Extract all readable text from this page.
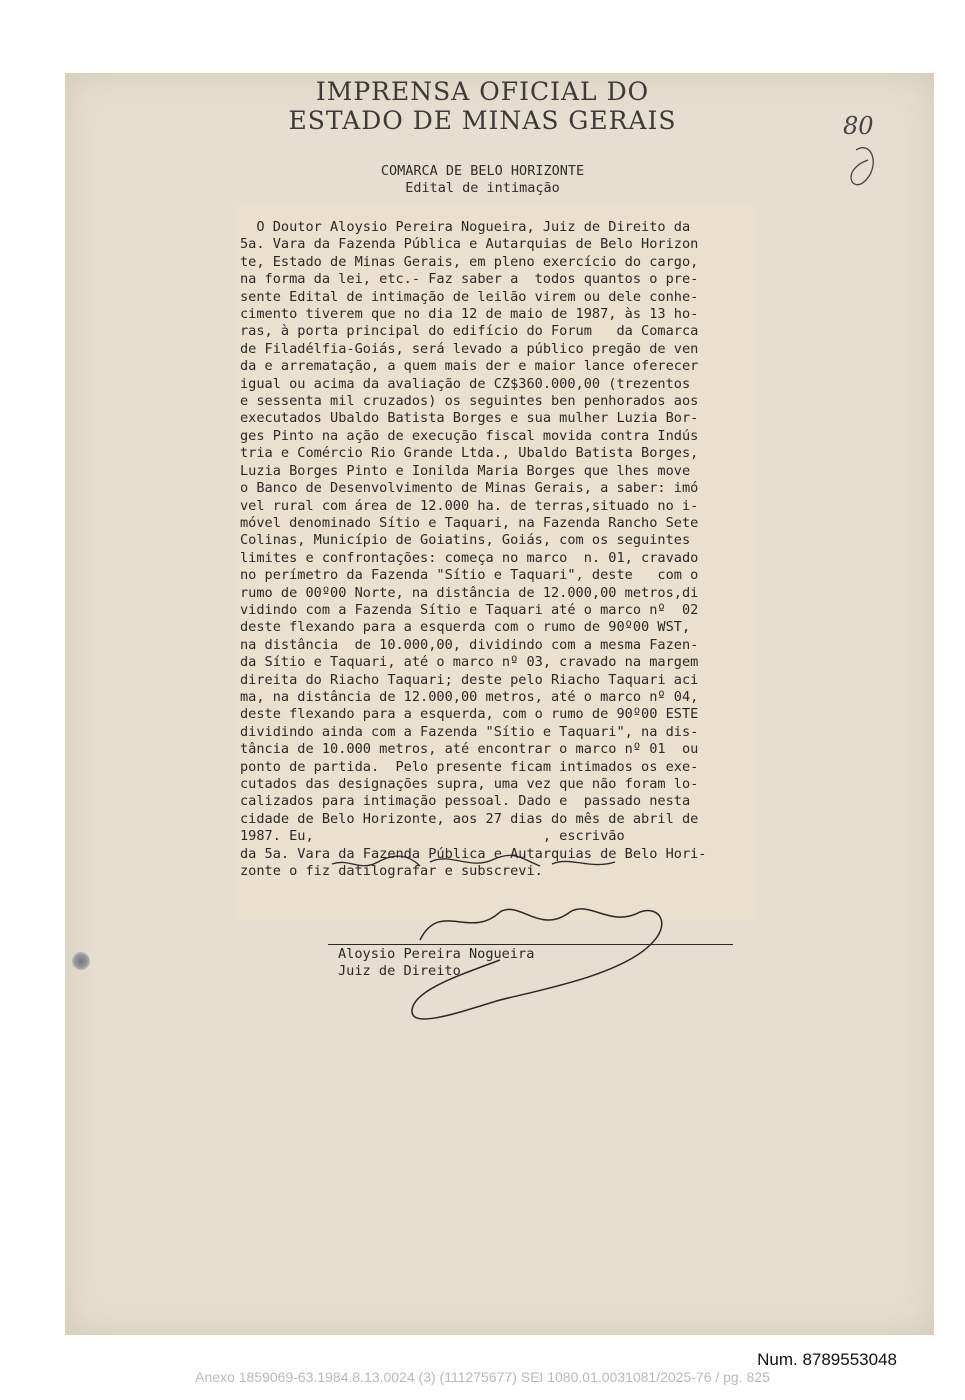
IMPRENSA OFICIAL DO
ESTADO DE MINAS GERAIS	80
COMARCA DE BELO HORIZONTE
Edital de intimação
O Doutor Aloysio Pereira Nogueira, Juiz de Direito da
5a. Vara da Fazenda Pública e Autarquias de Belo Horizon
te, Estado de Minas Gerais, em pleno exercício do cargo,
na forma da lei, etc.- Faz saber a  todos quantos o pre-
sente Edital de intimação de leilão virem ou dele conhe-
cimento tiverem que no dia 12 de maio de 1987, às 13 ho-
ras, à porta principal do edifício do Forum   da Comarca
de Filadélfia-Goiás, será levado a público pregão de ven
da e arrematação, a quem mais der e maior lance oferecer
igual ou acima da avaliação de CZ$360.000,00 (trezentos
e sessenta mil cruzados) os seguintes ben penhorados aos
executados Ubaldo Batista Borges e sua mulher Luzia Bor-
ges Pinto na ação de execução fiscal movida contra Indús
tria e Comércio Rio Grande Ltda., Ubaldo Batista Borges,
Luzia Borges Pinto e Ionilda Maria Borges que lhes move
o Banco de Desenvolvimento de Minas Gerais, a saber: imó
vel rural com área de 12.000 ha. de terras,situado no i-
móvel denominado Sítio e Taquari, na Fazenda Rancho Sete
Colinas, Município de Goiatins, Goiás, com os seguintes
limites e confrontações: começa no marco  n. 01, cravado
no perímetro da Fazenda "Sítio e Taquari", deste   com o
rumo de 00º00 Norte, na distância de 12.000,00 metros,di
vidindo com a Fazenda Sítio e Taquari até o marco nº  02
deste flexando para a esquerda com o rumo de 90º00 WST,
na distância  de 10.000,00, dividindo com a mesma Fazen-
da Sítio e Taquari, até o marco nº 03, cravado na margem
direita do Riacho Taquari; deste pelo Riacho Taquari aci
ma, na distância de 12.000,00 metros, até o marco nº 04,
deste flexando para a esquerda, com o rumo de 90º00 ESTE
dividindo ainda com a Fazenda "Sítio e Taquari", na dis-
tância de 10.000 metros, até encontrar o marco nº 01  ou
ponto de partida.  Pelo presente ficam intimados os exe-
cutados das designações supra, uma vez que não foram lo-
calizados para intimação pessoal. Dado e  passado nesta
cidade de Belo Horizonte, aos 27 dias do mês de abril de
1987. Eu,                            , escrivão
da 5a. Vara da Fazenda Pública e Autarquias de Belo Hori-
zonte o fiz datilografar e subscrevi.
Aloysio Pereira Nogueira
Juiz de Direito
Num. 8789553048
Anexo 1859069-63.1984.8.13.0024 (3) (111275677) SEI 1080.01.0031081/2025-76 / pg. 825
